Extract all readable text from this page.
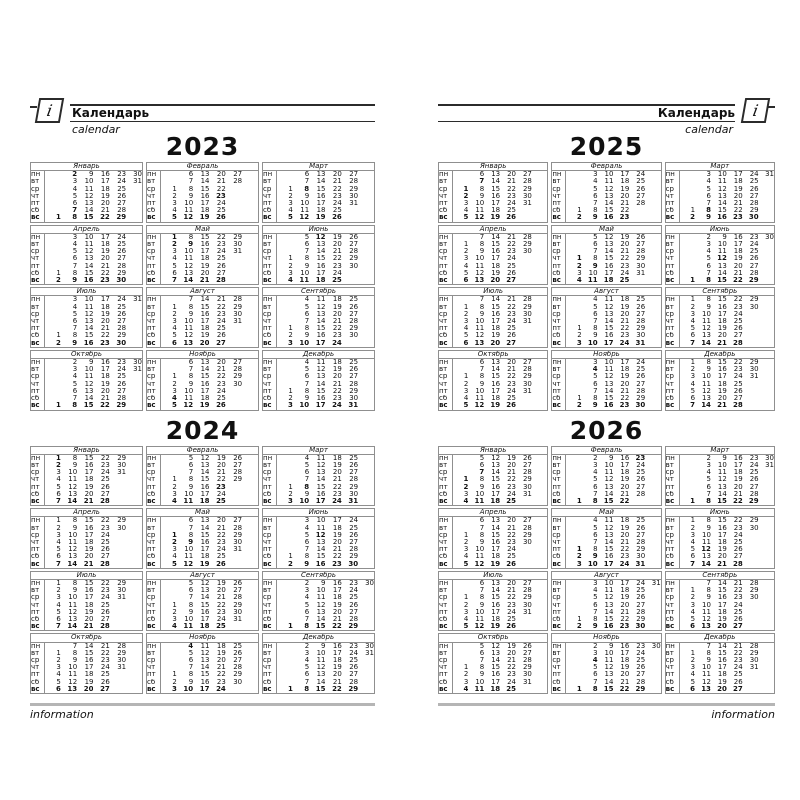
i	Календарь
calendar
2023
Январь						
пн		2	9	16	23	30
вт		3	10	17	24	31
ср		4	11	18	25	
чт		5	12	19	26	
пт		6	13	20	27	
сб		7	14	21	28	
вс	1	8	15	22	29	
Февраль						
пн		6	13	20	27	
вт		7	14	21	28	
ср	1	8	15	22		
чт	2	9	16	23		
пт	3	10	17	24		
сб	4	11	18	25		
вс	5	12	19	26		
Март						
пн		6	13	20	27	
вт		7	14	21	28	
ср	1	8	15	22	29	
чт	2	9	16	23	30	
пт	3	10	17	24	31	
сб	4	11	18	25		
вс	5	12	19	26		
Апрель						
пн		3	10	17	24	
вт		4	11	18	25	
ср		5	12	19	26	
чт		6	13	20	27	
пт		7	14	21	28	
сб	1	8	15	22	29	
вс	2	9	16	23	30	
Май						
пн	1	8	15	22	29	
вт	2	9	16	23	30	
ср	3	10	17	24	31	
чт	4	11	18	25		
пт	5	12	19	26		
сб	6	13	20	27		
вс	7	14	21	28		
Июнь						
пн		5	12	19	26	
вт		6	13	20	27	
ср		7	14	21	28	
чт	1	8	15	22	29	
пт	2	9	16	23	30	
сб	3	10	17	24		
вс	4	11	18	25		
Июль						
пн		3	10	17	24	31
вт		4	11	18	25	
ср		5	12	19	26	
чт		6	13	20	27	
пт		7	14	21	28	
сб	1	8	15	22	29	
вс	2	9	16	23	30	
Август						
пн		7	14	21	28	
вт	1	8	15	22	29	
ср	2	9	16	23	30	
чт	3	10	17	24	31	
пт	4	11	18	25		
сб	5	12	19	26		
вс	6	13	20	27		
Сентябрь						
пн		4	11	18	25	
вт		5	12	19	26	
ср		6	13	20	27	
чт		7	14	21	28	
пт	1	8	15	22	29	
сб	2	9	16	23	30	
вс	3	10	17	24		
Октябрь						
пн		2	9	16	23	30
вт		3	10	17	24	31
ср		4	11	18	25	
чт		5	12	19	26	
пт		6	13	20	27	
сб		7	14	21	28	
вс	1	8	15	22	29	
Ноябрь						
пн		6	13	20	27	
вт		7	14	21	28	
ср	1	8	15	22	29	
чт	2	9	16	23	30	
пт	3	10	17	24		
сб	4	11	18	25		
вс	5	12	19	26		
Декабрь						
пн		4	11	18	25	
вт		5	12	19	26	
ср		6	13	20	27	
чт		7	14	21	28	
пт	1	8	15	22	29	
сб	2	9	16	23	30	
вс	3	10	17	24	31	
2024
Январь						
пн	1	8	15	22	29	
вт	2	9	16	23	30	
ср	3	10	17	24	31	
чт	4	11	18	25		
пт	5	12	19	26		
сб	6	13	20	27		
вс	7	14	21	28		
Февраль						
пн		5	12	19	26	
вт		6	13	20	27	
ср		7	14	21	28	
чт	1	8	15	22	29	
пт	2	9	16	23		
сб	3	10	17	24		
вс	4	11	18	25		
Март						
пн		4	11	18	25	
вт		5	12	19	26	
ср		6	13	20	27	
чт		7	14	21	28	
пт	1	8	15	22	29	
сб	2	9	16	23	30	
вс	3	10	17	24	31	
Апрель						
пн	1	8	15	22	29	
вт	2	9	16	23	30	
ср	3	10	17	24		
чт	4	11	18	25		
пт	5	12	19	26		
сб	6	13	20	27		
вс	7	14	21	28		
Май						
пн		6	13	20	27	
вт		7	14	21	28	
ср	1	8	15	22	29	
чт	2	9	16	23	30	
пт	3	10	17	24	31	
сб	4	11	18	25		
вс	5	12	19	26		
Июнь						
пн		3	10	17	24	
вт		4	11	18	25	
ср		5	12	19	26	
чт		6	13	20	27	
пт		7	14	21	28	
сб	1	8	15	22	29	
вс	2	9	16	23	30	
Июль						
пн	1	8	15	22	29	
вт	2	9	16	23	30	
ср	3	10	17	24	31	
чт	4	11	18	25		
пт	5	12	19	26		
сб	6	13	20	27		
вс	7	14	21	28		
Август						
пн		5	12	19	26	
вт		6	13	20	27	
ср		7	14	21	28	
чт	1	8	15	22	29	
пт	2	9	16	23	30	
сб	3	10	17	24	31	
вс	4	11	18	25		
Сентябрь						
пн		2	9	16	23	30
вт		3	10	17	24	
ср		4	11	18	25	
чт		5	12	19	26	
пт		6	13	20	27	
сб		7	14	21	28	
вс	1	8	15	22	29	
Октябрь						
пн		7	14	21	28	
вт	1	8	15	22	29	
ср	2	9	16	23	30	
чт	3	10	17	24	31	
пт	4	11	18	25		
сб	5	12	19	26		
вс	6	13	20	27		
Ноябрь						
пн		4	11	18	25	
вт		5	12	19	26	
ср		6	13	20	27	
чт		7	14	21	28	
пт	1	8	15	22	29	
сб	2	9	16	23	30	
вс	3	10	17	24		
Декабрь						
пн		2	9	16	23	30
вт		3	10	17	24	31
ср		4	11	18	25	
чт		5	12	19	26	
пт		6	13	20	27	
сб		7	14	21	28	
вс	1	8	15	22	29	
information
i
Календарь
calendar
2025
Январь						
пн		6	13	20	27	
вт		7	14	21	28	
ср	1	8	15	22	29	
чт	2	9	16	23	30	
пт	3	10	17	24	31	
сб	4	11	18	25		
вс	5	12	19	26		
Февраль						
пн		3	10	17	24	
вт		4	11	18	25	
ср		5	12	19	26	
чт		6	13	20	27	
пт		7	14	21	28	
сб	1	8	15	22		
вс	2	9	16	23		
Март						
пн		3	10	17	24	31
вт		4	11	18	25	
ср		5	12	19	26	
чт		6	13	20	27	
пт		7	14	21	28	
сб	1	8	15	22	29	
вс	2	9	16	23	30	
Апрель						
пн		7	14	21	28	
вт	1	8	15	22	29	
ср	2	9	16	23	30	
чт	3	10	17	24		
пт	4	11	18	25		
сб	5	12	19	26		
вс	6	13	20	27		
Май						
пн		5	12	19	26	
вт		6	13	20	27	
ср		7	14	21	28	
чт	1	8	15	22	29	
пт	2	9	16	23	30	
сб	3	10	17	24	31	
вс	4	11	18	25		
Июнь						
пн		2	9	16	23	30
вт		3	10	17	24	
ср		4	11	18	25	
чт		5	12	19	26	
пт		6	13	20	27	
сб		7	14	21	28	
вс	1	8	15	22	29	
Июль						
пн		7	14	21	28	
вт	1	8	15	22	29	
ср	2	9	16	23	30	
чт	3	10	17	24	31	
пт	4	11	18	25		
сб	5	12	19	26		
вс	6	13	20	27		
Август						
пн		4	11	18	25	
вт		5	12	19	26	
ср		6	13	20	27	
чт		7	14	21	28	
пт	1	8	15	22	29	
сб	2	9	16	23	30	
вс	3	10	17	24	31	
Сентябрь						
пн	1	8	15	22	29	
вт	2	9	16	23	30	
ср	3	10	17	24		
чт	4	11	18	25		
пт	5	12	19	26		
сб	6	13	20	27		
вс	7	14	21	28		
Октябрь						
пн		6	13	20	27	
вт		7	14	21	28	
ср	1	8	15	22	29	
чт	2	9	16	23	30	
пт	3	10	17	24	31	
сб	4	11	18	25		
вс	5	12	19	26		
Ноябрь						
пн		3	10	17	24	
вт		4	11	18	25	
ср		5	12	19	26	
чт		6	13	20	27	
пт		7	14	21	28	
сб	1	8	15	22	29	
вс	2	9	16	23	30	
Декабрь						
пн	1	8	15	22	29	
вт	2	9	16	23	30	
ср	3	10	17	24	31	
чт	4	11	18	25		
пт	5	12	19	26		
сб	6	13	20	27		
вс	7	14	21	28		
2026
Январь						
пн		5	12	19	26	
вт		6	13	20	27	
ср		7	14	21	28	
чт	1	8	15	22	29	
пт	2	9	16	23	30	
сб	3	10	17	24	31	
вс	4	11	18	25		
Февраль						
пн		2	9	16	23	
вт		3	10	17	24	
ср		4	11	18	25	
чт		5	12	19	26	
пт		6	13	20	27	
сб		7	14	21	28	
вс	1	8	15	22		
Март						
пн		2	9	16	23	30
вт		3	10	17	24	31
ср		4	11	18	25	
чт		5	12	19	26	
пт		6	13	20	27	
сб		7	14	21	28	
вс	1	8	15	22	29	
Апрель						
пн		6	13	20	27	
вт		7	14	21	28	
ср	1	8	15	22	29	
чт	2	9	16	23	30	
пт	3	10	17	24		
сб	4	11	18	25		
вс	5	12	19	26		
Май						
пн		4	11	18	25	
вт		5	12	19	26	
ср		6	13	20	27	
чт		7	14	21	28	
пт	1	8	15	22	29	
сб	2	9	16	23	30	
вс	3	10	17	24	31	
Июнь						
пн	1	8	15	22	29	
вт	2	9	16	23	30	
ср	3	10	17	24		
чт	4	11	18	25		
пт	5	12	19	26		
сб	6	13	20	27		
вс	7	14	21	28		
Июль						
пн		6	13	20	27	
вт		7	14	21	28	
ср	1	8	15	22	29	
чт	2	9	16	23	30	
пт	3	10	17	24	31	
сб	4	11	18	25		
вс	5	12	19	26		
Август						
пн		3	10	17	24	31
вт		4	11	18	25	
ср		5	12	19	26	
чт		6	13	20	27	
пт		7	14	21	28	
сб	1	8	15	22	29	
вс	2	9	16	23	30	
Сентябрь						
пн		7	14	21	28	
вт	1	8	15	22	29	
ср	2	9	16	23	30	
чт	3	10	17	24		
пт	4	11	18	25		
сб	5	12	19	26		
вс	6	13	20	27		
Октябрь						
пн		5	12	19	26	
вт		6	13	20	27	
ср		7	14	21	28	
чт	1	8	15	22	29	
пт	2	9	16	23	30	
сб	3	10	17	24	31	
вс	4	11	18	25		
Ноябрь						
пн		2	9	16	23	30
вт		3	10	17	24	
ср		4	11	18	25	
чт		5	12	19	26	
пт		6	13	20	27	
сб		7	14	21	28	
вс	1	8	15	22	29	
Декабрь						
пн		7	14	21	28	
вт	1	8	15	22	29	
ср	2	9	16	23	30	
чт	3	10	17	24	31	
пт	4	11	18	25		
сб	5	12	19	26		
вс	6	13	20	27		
information
